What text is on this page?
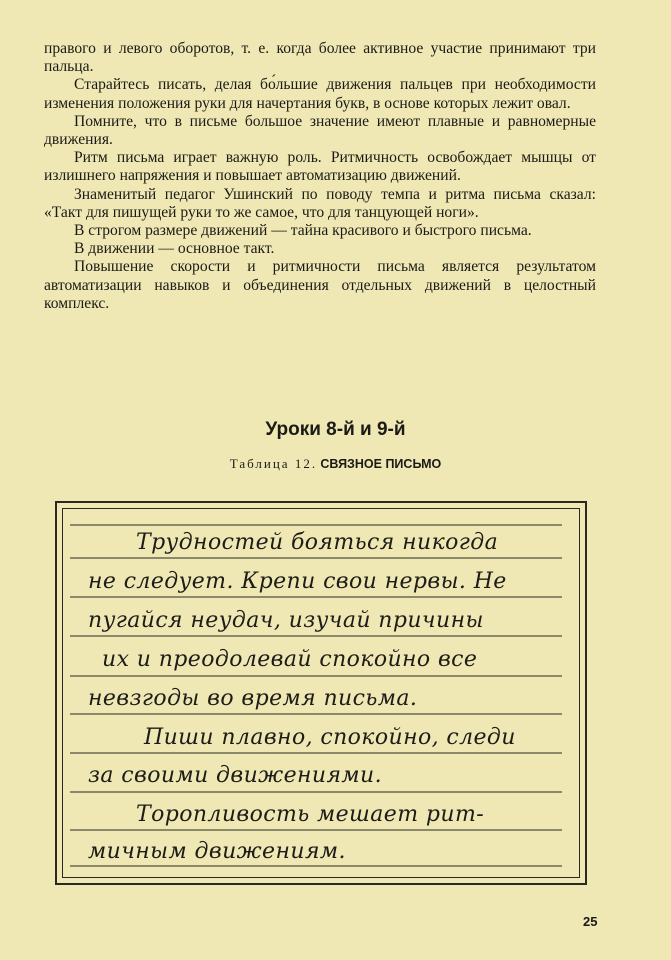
правого и левого оборотов, т. е. когда более активное участие принимают три пальца.

Старайтесь писать, делая бо́льшие движения пальцев при необходимости изменения положения руки для начертания букв, в основе которых лежит овал.

Помните, что в письме большое значение имеют плавные и равномерные движения.

Ритм письма играет важную роль. Ритмичность освобождает мышцы от излишнего напряжения и повышает автоматизацию движений.

Знаменитый педагог Ушинский по поводу темпа и ритма письма сказал: «Такт для пишущей руки то же самое, что для танцующей ноги».

В строгом размере движений — тайна красивого и быстрого письма.

В движении — основное такт.

Повышение скорости и ритмичности письма является результатом автоматизации навыков и объединения отдельных движений в целостный комплекс.

Уроки 8-й и 9-й
Таблица 12. СВЯЗНОЕ ПИСЬМО
Трудностей бояться никогда
не следует. Крепи свои нервы. Не
пугайся неудач, изучай причины
их и преодолевай спокойно все
невзгоды во время письма.
Пиши плавно, спокойно, следи
за своими движениями.
Торопливость мешает рит-
мичным движениям.
25
